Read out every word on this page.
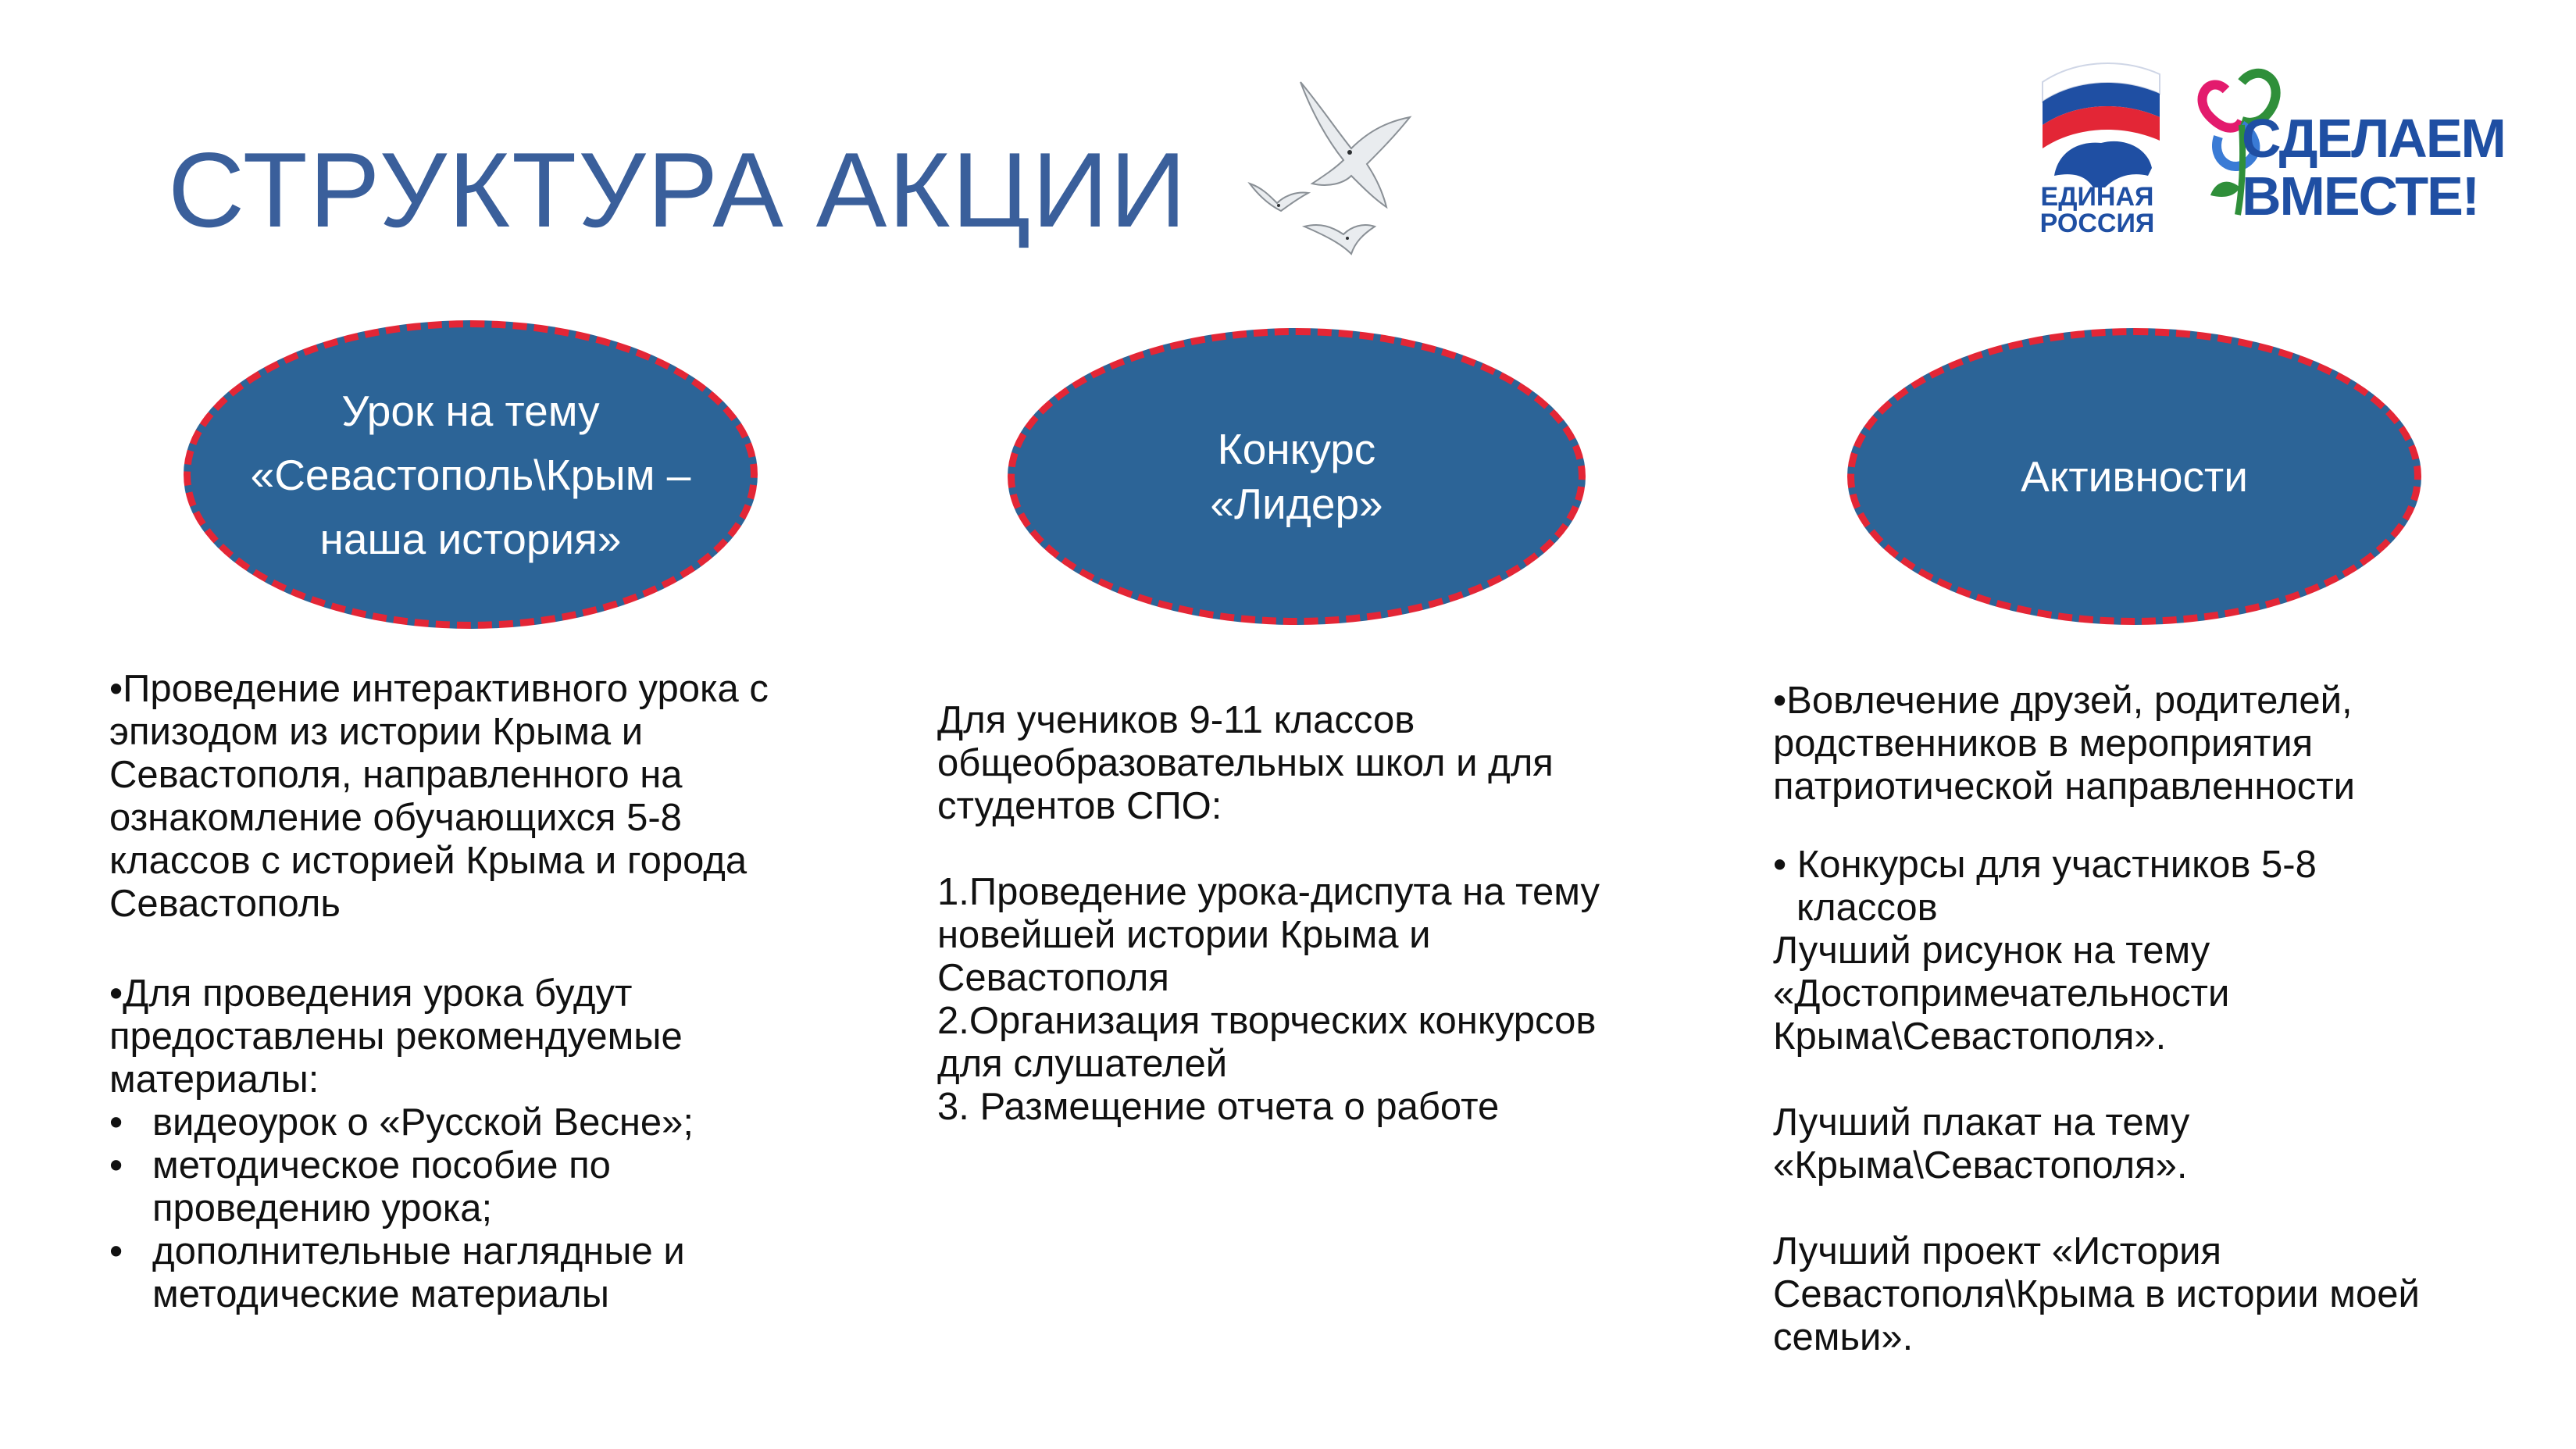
СТРУКТУРА АКЦИИ	ЕДИНАЯ
РОССИЯ
СДЕЛАЕМ
ВМЕСТЕ!
Урок на тему
«Севастополь\Крым –
наша история»
Конкурс
«Лидер»
Активности

•Проведение интерактивного урока с
эпизодом из истории Крыма и
Севастополя, направленного на
ознакомление обучающихся 5-8
классов с историей Крыма и города
Севастополь

•Для проведения урока будут
предоставлены рекомендуемые
материалы:

• видеоурок о «Русской Весне»;
• методическое пособие по
проведению урока;
• дополнительные наглядные и
методические материалы

Для учеников 9-11 классов
общеобразовательных школ и для
студентов СПО:

1.Проведение урока-диспута на тему
новейшей истории Крыма и
Севастополя
2.Организация творческих конкурсов
для слушателей
3. Размещение отчета о работе

•Вовлечение друзей, родителей,
родственников в мероприятия
патриотической направленности

• Конкурсы для участников 5-8
классов

Лучший рисунок на тему
«Достопримечательности
Крыма\Севастополя».

Лучший плакат на тему
«Крыма\Севастополя».

Лучший проект «История
Севастополя\Крыма в истории моей
семьи».
